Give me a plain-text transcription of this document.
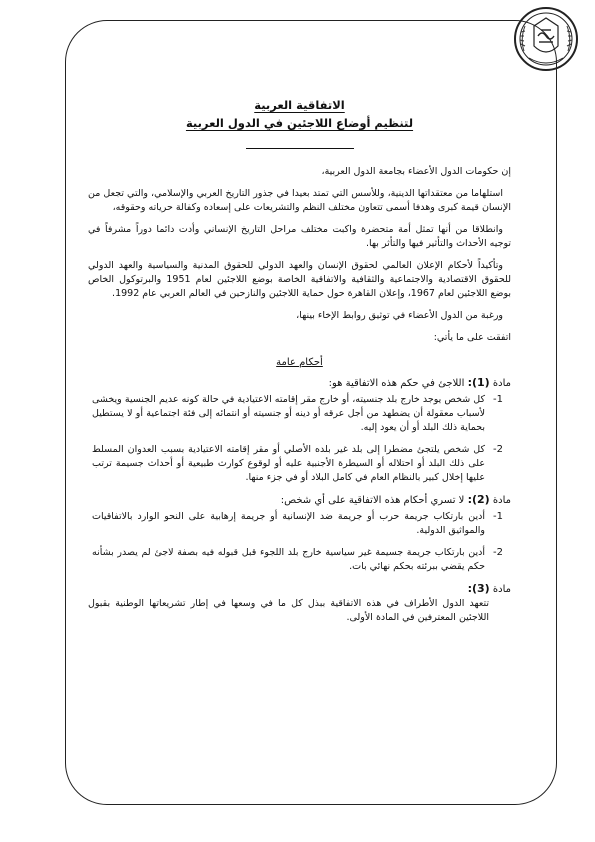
الاتفاقية العربية
لتنظيم أوضاع اللاجئين في الدول العربية

إن حكومات الدول الأعضاء بجامعة الدول العربية،

استلهاما من معتقداتها الدينية، وللأسس التي تمتد بعيدا في جذور التاريخ العربي والإسلامي، والتي تجعل من الإنسان قيمة كبرى وهدفا أسمى تتعاون مختلف النظم والتشريعات على إسعاده وكفالة حرياته وحقوقه،

وانطلاقا من أنها تمثل أمة متحضرة واكبت مختلف مراحل التاريخ الإنساني وأدت دائما دوراً مشرفاً في توجيه الأحداث والتأثير فيها والتأثر بها.

وتأكيداً لأحكام الإعلان العالمي لحقوق الإنسان والعهد الدولي للحقوق المدنية والسياسية والعهد الدولي للحقوق الاقتصادية والاجتماعية والثقافية والاتفاقية الخاصة بوضع اللاجئين لعام 1951 والبرتوكول الخاص بوضع اللاجئين لعام 1967، وإعلان القاهرة حول حماية اللاجئين والنازحين في العالم العربي عام 1992.

ورغبة من الدول الأعضاء في توثيق روابط الإخاء بينها،

اتفقت على ما يأتي:

أحكام عامة
مادة (1): اللاجئ في حكم هذه الاتفاقية هو:
1-
كل شخص يوجد خارج بلد جنسيته، أو خارج مقر إقامته الاعتيادية في حالة كونه عديم الجنسية ويخشى لأسباب معقولة أن يضطهد من أجل عرقه أو دينه أو جنسيته أو انتمائه إلى فئة اجتماعية أو لا يستطيل بحماية ذلك البلد أو أن يعود إليه.
2-
كل شخص يلتجئ مضطرا إلى بلد غير بلده الأصلي أو مقر إقامته الاعتيادية بسبب العدوان المسلط على ذلك البلد أو احتلاله أو السيطرة الأجنبية عليه أو لوقوع كوارث طبيعية أو أحداث جسيمة ترتب عليها إخلال كبير بالنظام العام في كامل البلاد أو في جزء منها.
مادة (2): لا تسري أحكام هذه الاتفاقية على أي شخص:
1-
أدين بارتكاب جريمة حرب أو جريمة ضد الإنسانية أو جريمة إرهابية على النحو الوارد بالاتفاقيات والمواثيق الدولية.
2-
أدين بارتكاب جريمة جسيمة غير سياسية خارج بلد اللجوء قبل قبوله فيه بصفة لاجئ لم يصدر بشأنه حكم يقضي ببرئته بحكم نهائي بات.
مادة (3):

تتعهد الدول الأطراف في هذه الاتفاقية ببذل كل ما في وسعها في إطار تشريعاتها الوطنية بقبول اللاجئين المعترفين في المادة الأولى.
